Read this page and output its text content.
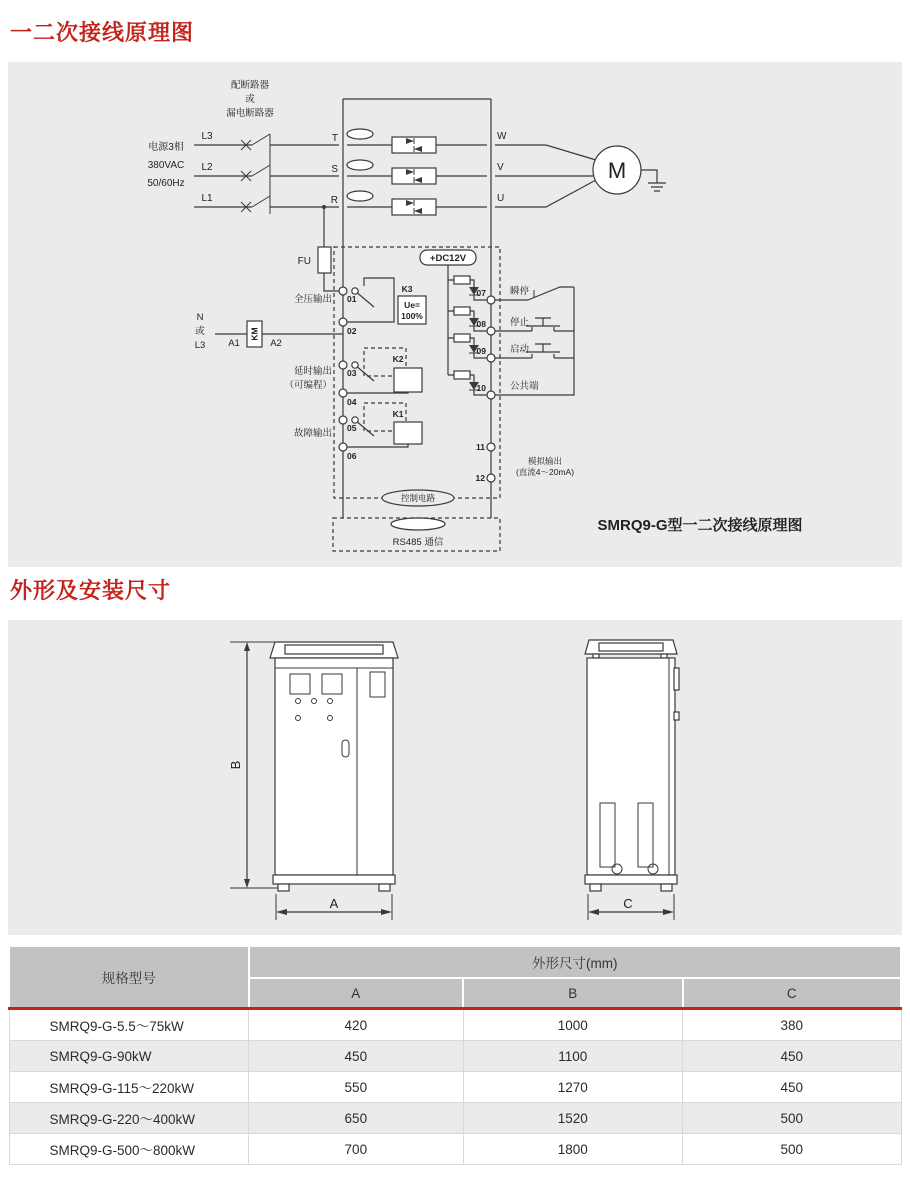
一二次接线原理图
配断路器
或
漏电断路器
电源3相
380VAC
50/60Hz
L3
L2
L1
M
T
S
R
W
V
U
FU
N
或
L3 A1
KM
A2
全压输出 01
02
K3
Ue=
100%
延时输出
（可编程）
03
04
K2
故障输出 05
06
K1
+DC12V
07
08
09
10
瞬停
停止
启动
公共端
11
12
模拟输出
(直流4～20mA)
控制电路
RS485 通信
SMRQ9-G型一二次接线原理图
外形及安装尺寸
B
A	C
规格型号	外形尺寸(mm)		
	A	B	C
SMRQ9-G-5.5～75kW	420	1000	380
SMRQ9-G-90kW	450	1100	450
SMRQ9-G-115～220kW	550	1270	450
SMRQ9-G-220～400kW	650	1520	500
SMRQ9-G-500～800kW	700	1800	500
